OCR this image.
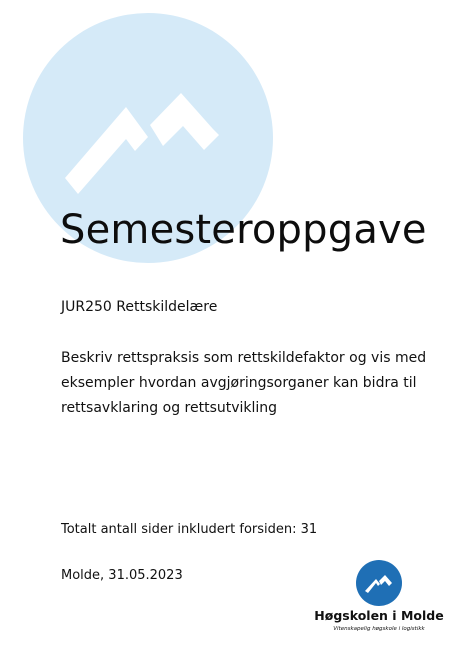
Semesteroppgave
JUR250 Rettskildelære
Beskriv rettspraksis som rettskildefaktor og vis med
eksempler hvordan avgjøringsorganer kan bidra til
rettsavklaring og rettsutvikling
Totalt antall sider inkludert forsiden: 31
Molde, 31.05.2023
Høgskolen i Molde
Vitenskapelig høgskole i logistikk
